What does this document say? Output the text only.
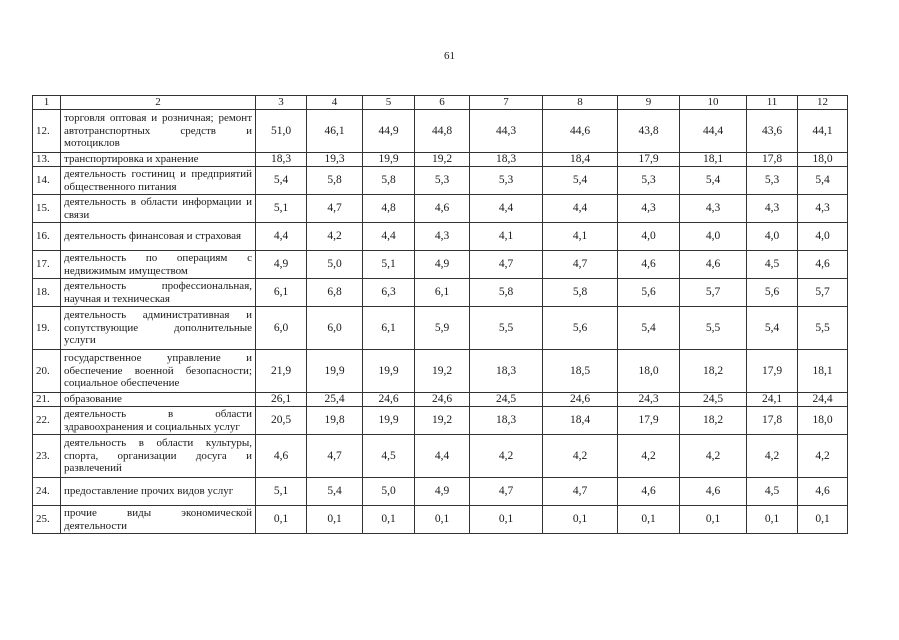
61
1	2	3	4	5	6	7	8	9	10	11	12
12.	торговля оптовая и розничная; ремонт автотранспортных средств и мотоциклов	51,0	46,1	44,9	44,8	44,3	44,6	43,8	44,4	43,6	44,1
13.	транспортировка и хранение	18,3	19,3	19,9	19,2	18,3	18,4	17,9	18,1	17,8	18,0
14.	деятельность гостиниц и предприятий общественного питания	5,4	5,8	5,8	5,3	5,3	5,4	5,3	5,4	5,3	5,4
15.	деятельность в области информации и связи	5,1	4,7	4,8	4,6	4,4	4,4	4,3	4,3	4,3	4,3
16.	деятельность финансовая и страховая	4,4	4,2	4,4	4,3	4,1	4,1	4,0	4,0	4,0	4,0
17.	деятельность по операциям с недвижимым имуществом	4,9	5,0	5,1	4,9	4,7	4,7	4,6	4,6	4,5	4,6
18.	деятельность профессиональная, научная и техническая	6,1	6,8	6,3	6,1	5,8	5,8	5,6	5,7	5,6	5,7
19.	деятельность административная и сопутствующие дополнительные услуги	6,0	6,0	6,1	5,9	5,5	5,6	5,4	5,5	5,4	5,5
20.	государственное управление и обеспечение военной безопасности; социальное обеспечение	21,9	19,9	19,9	19,2	18,3	18,5	18,0	18,2	17,9	18,1
21.	образование	26,1	25,4	24,6	24,6	24,5	24,6	24,3	24,5	24,1	24,4
22.	деятельность в области здравоохранения и социальных услуг	20,5	19,8	19,9	19,2	18,3	18,4	17,9	18,2	17,8	18,0
23.	деятельность в области культуры, спорта, организации досуга и развлечений	4,6	4,7	4,5	4,4	4,2	4,2	4,2	4,2	4,2	4,2
24.	предоставление прочих видов услуг	5,1	5,4	5,0	4,9	4,7	4,7	4,6	4,6	4,5	4,6
25.	прочие виды экономической деятельности	0,1	0,1	0,1	0,1	0,1	0,1	0,1	0,1	0,1	0,1
